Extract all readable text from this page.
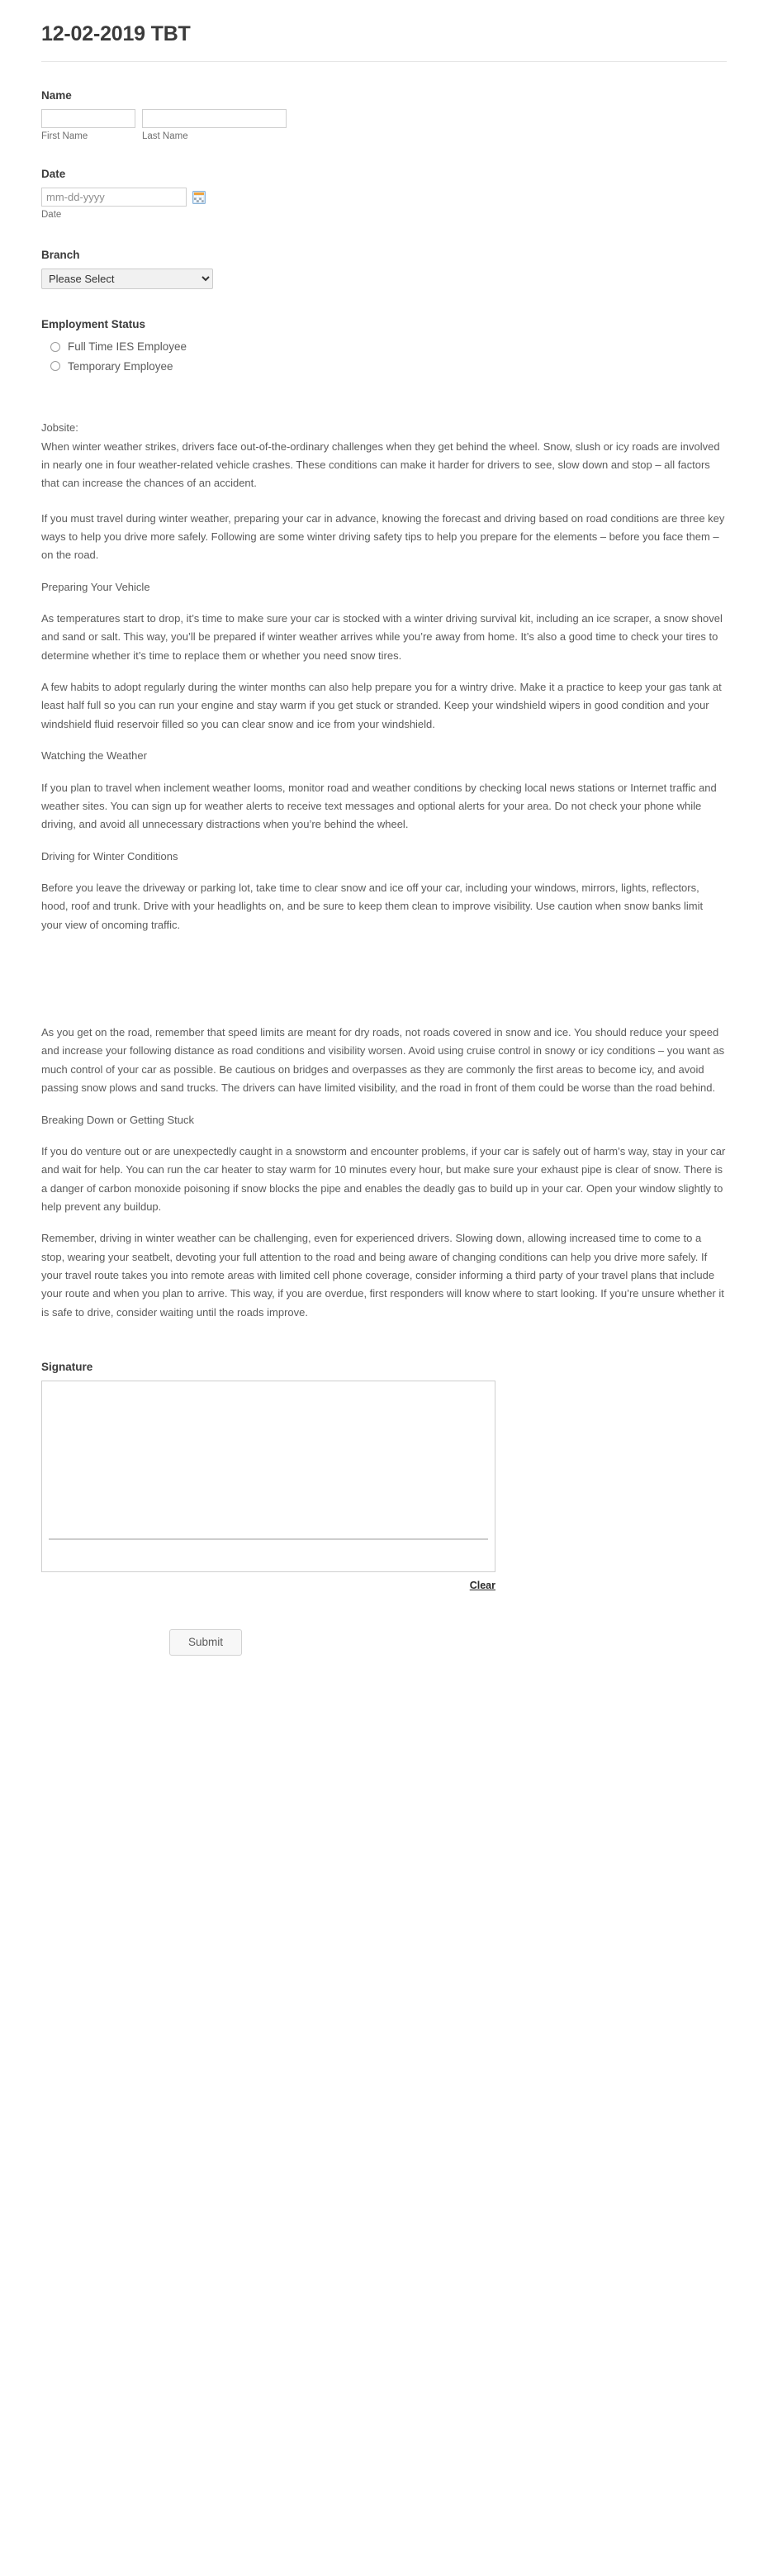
12-02-2019 TBT
Name
First Name	Last Name
Date
mm-dd-yyyy
Date
Branch
Please Select
Employment Status
Full Time IES Employee
Temporary Employee

Jobsite:

When winter weather strikes, drivers face out-of-the-ordinary challenges when they get behind the wheel. Snow, slush or icy roads are involved in nearly one in four weather-related vehicle crashes. These conditions can make it harder for drivers to see, slow down and stop – all factors that can increase the chances of an accident.

If you must travel during winter weather, preparing your car in advance, knowing the forecast and driving based on road conditions are three key ways to help you drive more safely. Following are some winter driving safety tips to help you prepare for the elements – before you face them – on the road.

Preparing Your Vehicle

As temperatures start to drop, it’s time to make sure your car is stocked with a winter driving survival kit, including an ice scraper, a snow shovel and sand or salt. This way, you’ll be prepared if winter weather arrives while you’re away from home. It’s also a good time to check your tires to determine whether it’s time to replace them or whether you need snow tires.

A few habits to adopt regularly during the winter months can also help prepare you for a wintry drive. Make it a practice to keep your gas tank at least half full so you can run your engine and stay warm if you get stuck or stranded. Keep your windshield wipers in good condition and your windshield fluid reservoir filled so you can clear snow and ice from your windshield.

Watching the Weather

If you plan to travel when inclement weather looms, monitor road and weather conditions by checking local news stations or Internet traffic and weather sites. You can sign up for weather alerts to receive text messages and optional alerts for your area. Do not check your phone while driving, and avoid all unnecessary distractions when you’re behind the wheel.

Driving for Winter Conditions

Before you leave the driveway or parking lot, take time to clear snow and ice off your car, including your windows, mirrors, lights, reflectors, hood, roof and trunk. Drive with your headlights on, and be sure to keep them clean to improve visibility. Use caution when snow banks limit your view of oncoming traffic.

As you get on the road, remember that speed limits are meant for dry roads, not roads covered in snow and ice. You should reduce your speed and increase your following distance as road conditions and visibility worsen. Avoid using cruise control in snowy or icy conditions – you want as much control of your car as possible. Be cautious on bridges and overpasses as they are commonly the first areas to become icy, and avoid passing snow plows and sand trucks. The drivers can have limited visibility, and the road in front of them could be worse than the road behind.

Breaking Down or Getting Stuck

If you do venture out or are unexpectedly caught in a snowstorm and encounter problems, if your car is safely out of harm’s way, stay in your car and wait for help. You can run the car heater to stay warm for 10 minutes every hour, but make sure your exhaust pipe is clear of snow. There is a danger of carbon monoxide poisoning if snow blocks the pipe and enables the deadly gas to build up in your car. Open your window slightly to help prevent any buildup.

Remember, driving in winter weather can be challenging, even for experienced drivers. Slowing down, allowing increased time to come to a stop, wearing your seatbelt, devoting your full attention to the road and being aware of changing conditions can help you drive more safely. If your travel route takes you into remote areas with limited cell phone coverage, consider informing a third party of your travel plans that include your route and when you plan to arrive. This way, if you are overdue, first responders will know where to start looking. If you’re unsure whether it is safe to drive, consider waiting until the roads improve.

Signature
Clear
Submit
